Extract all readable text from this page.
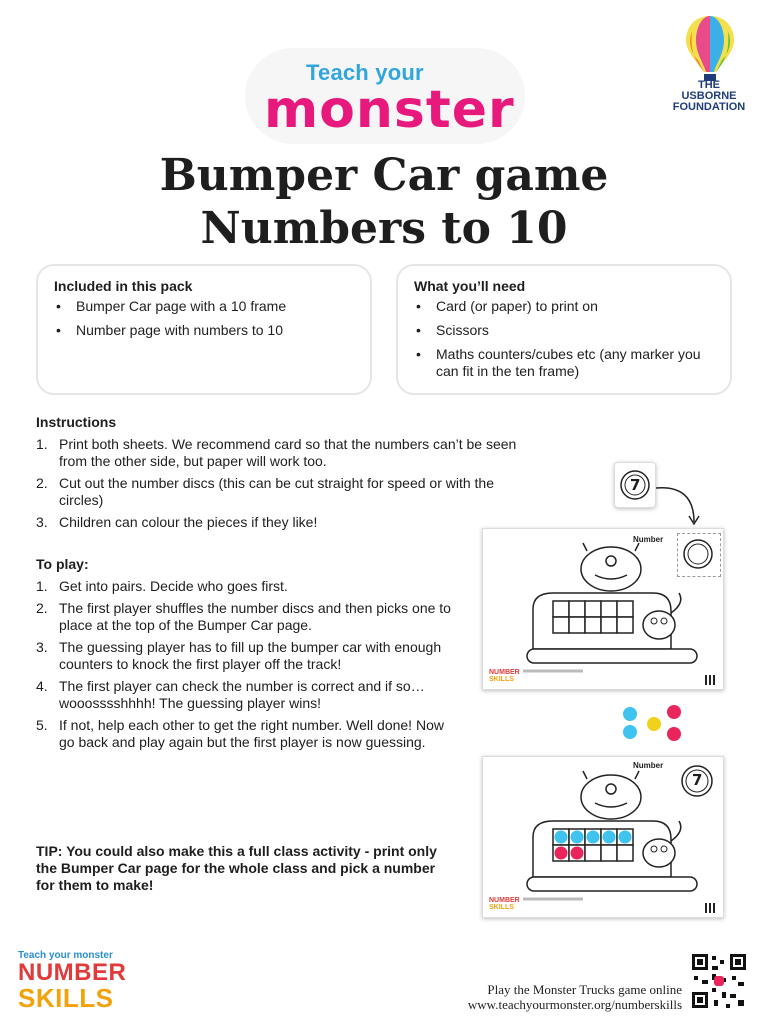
Teach your
monster	THE
USBORNE
FOUNDATION
Bumper Car game
Numbers to 10
Included in this pack
• Bumper Car page with a 10 frame
• Number page with numbers to 10
What you’ll need
• Card (or paper) to print on
• Scissors
• Maths counters/cubes etc (any marker you can fit in the ten frame)
Instructions
1. Print both sheets. We recommend card so that the numbers can’t be seen from the other side, but paper will work too.
2. Cut out the number discs (this can be cut straight for speed or with the circles)
3. Children can colour the pieces if they like!
To play:
1. Get into pairs. Decide who goes first.
2. The first player shuffles the number discs and then picks one to place at the top of the Bumper Car page.
3. The guessing player has to fill up the bumper car with enough counters to knock the first player off the track!
4. The first player can check the number is correct and if so… wooosssshhhh! The guessing player wins!
5. If not, help each other to get the right number. Well done! Now go back and play again but the first player is now guessing.
TIP: You could also make this a full class activity - print only the Bumper Car page for the whole class and pick a number for them to make!
7
Number
NUMBER
SKILLS
Number
7
NUMBER
SKILLS
Teach your monster
NUMBER
SKILLS	Play the Monster Trucks game online
www.teachyourmonster.org/numberskills
